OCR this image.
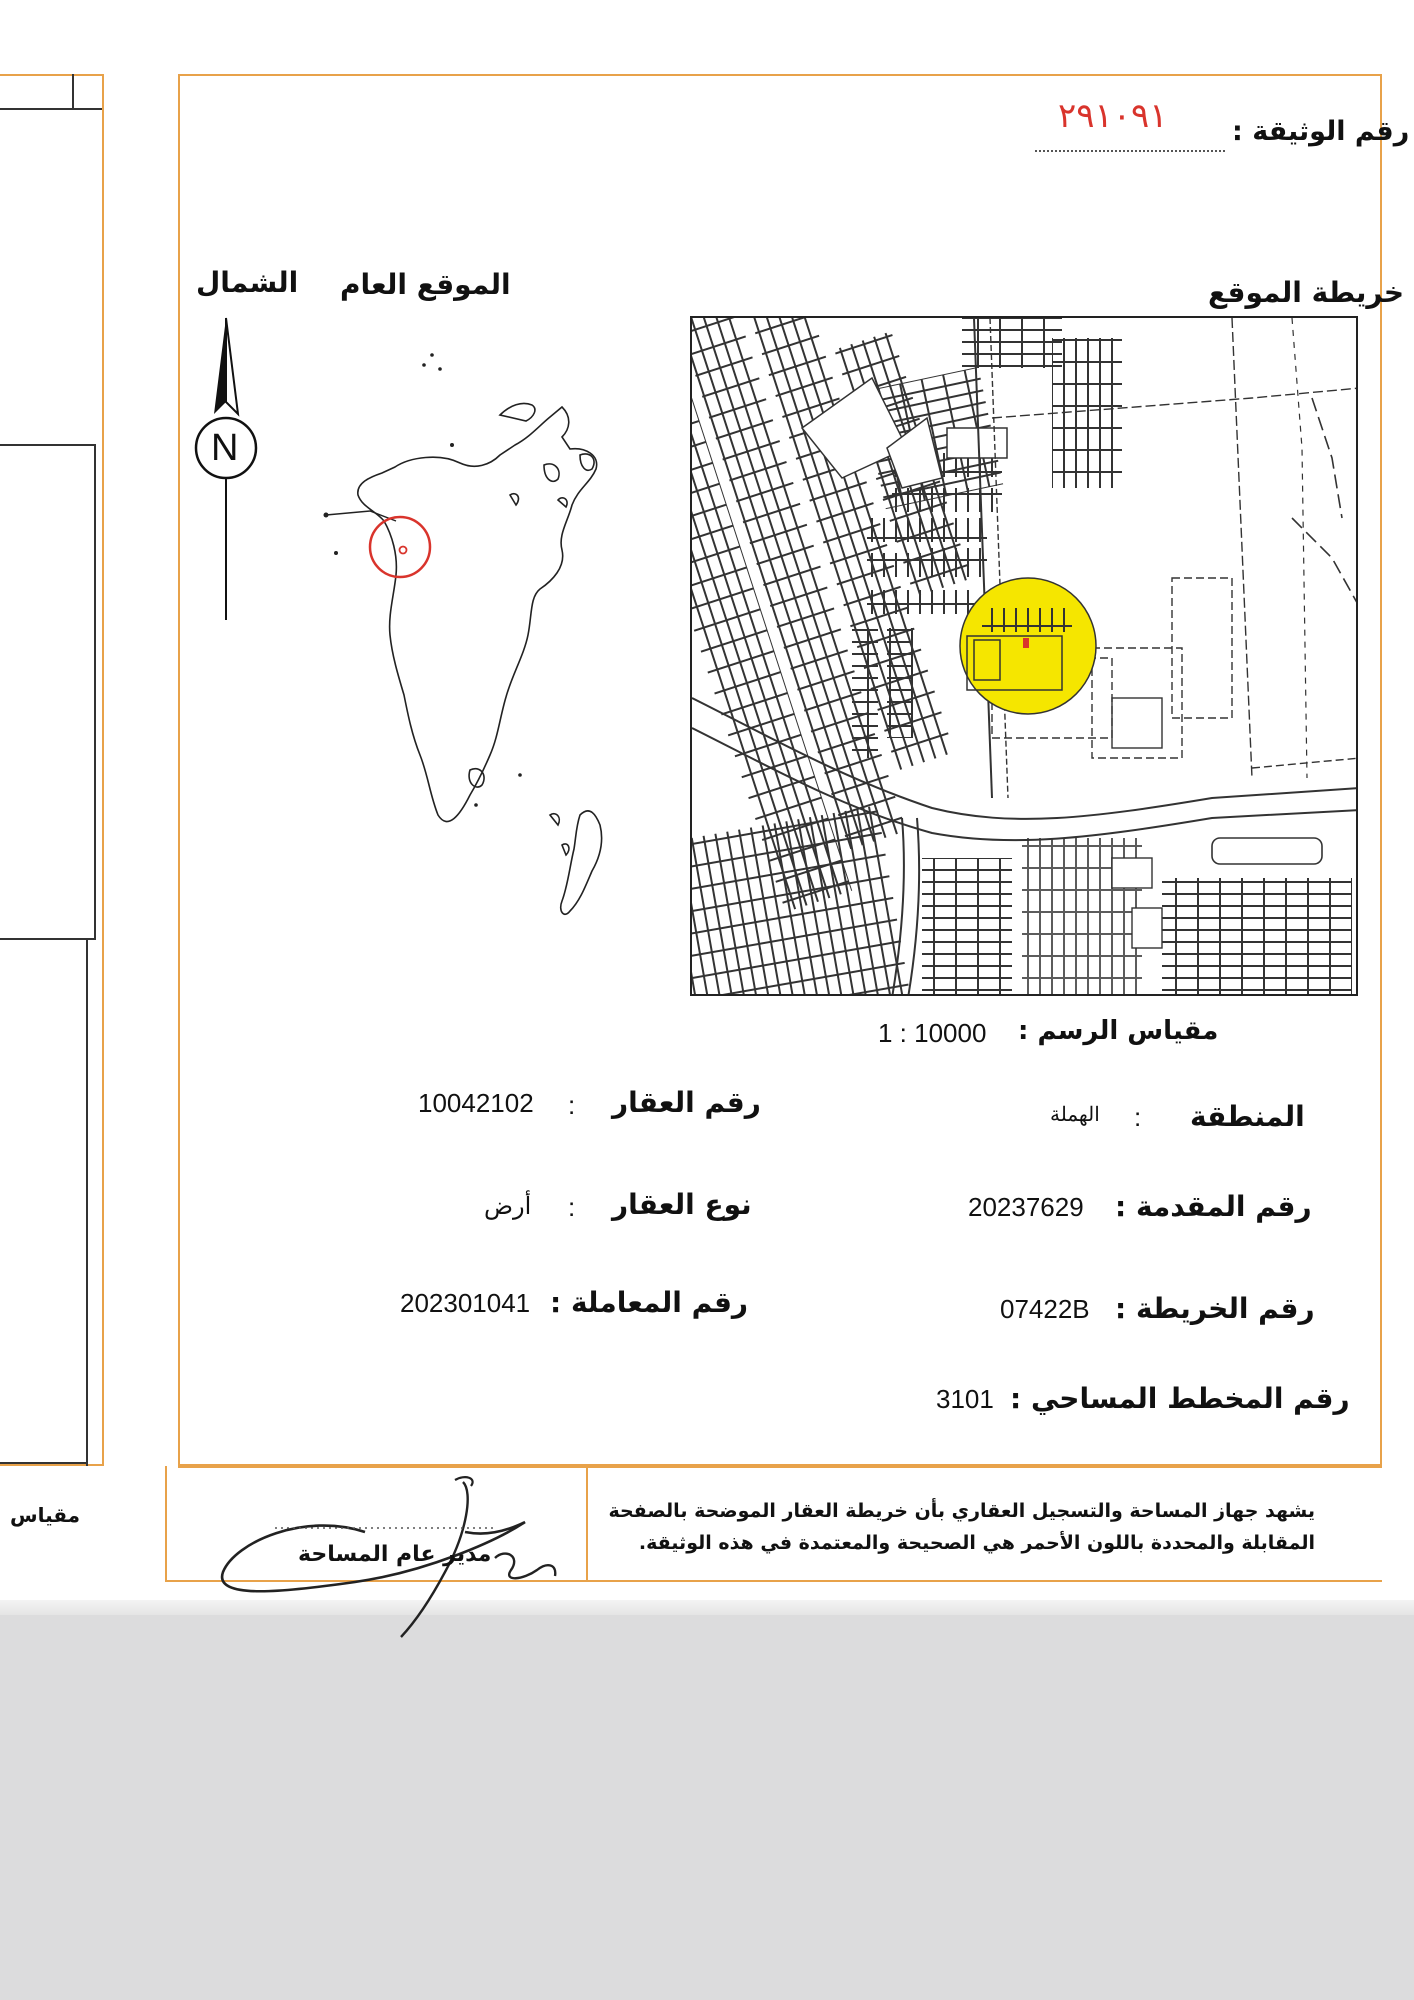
مقياس
رقم الوثيقة :
٢٩١٠٩١
الموقع العام
الشمال
N
خريطة الموقع
مقياس الرسم :
1 : 10000
المنطقة
:
الهملة
رقم المقدمة :
20237629
رقم الخريطة :
07422B
رقم المخطط المساحي :
3101
رقم العقار
:
10042102
نوع العقار
:
أرض
رقم المعاملة :
202301041
يشهد جهاز المساحة والتسجيل العقاري بأن خريطة العقار الموضحة بالصفحة
المقابلة والمحددة باللون الأحمر هي الصحيحة والمعتمدة في هذه الوثيقة.
مدير عام المساحة
